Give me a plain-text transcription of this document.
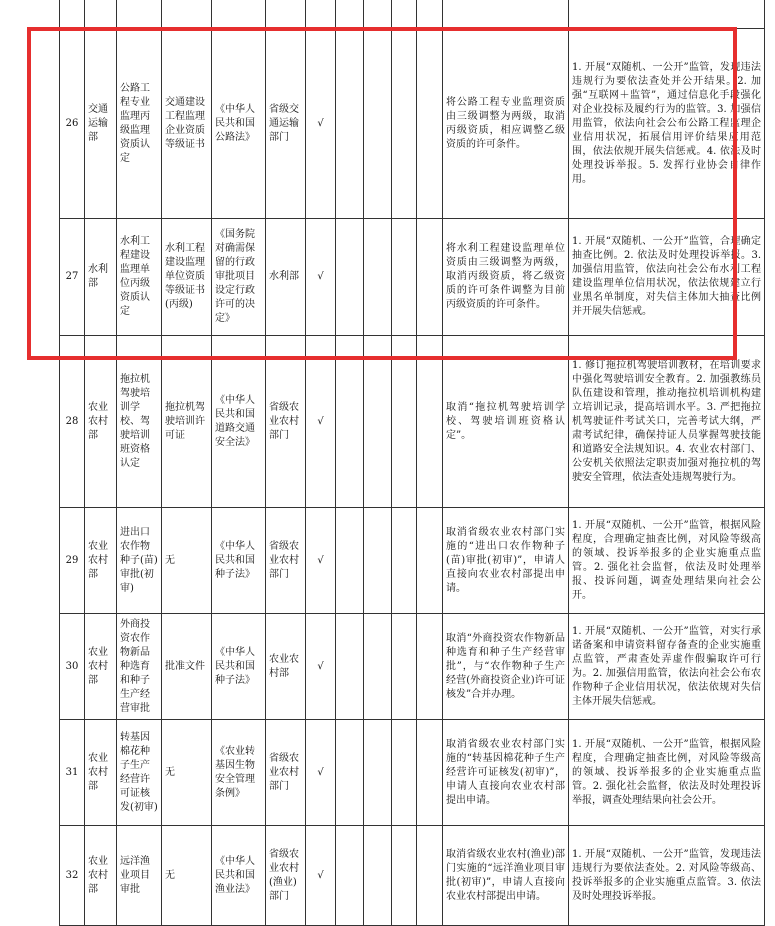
26	交通运输部	公路工程专业监理丙级监理资质认定	交通建设工程监理企业资质等级证书	《中华人民共和国公路法》	省级交通运输部门	√					将公路工程专业监理资质由三级调整为两级，取消丙级资质，相应调整乙级资质的许可条件。	1. 开展“双随机、一公开”监管，发现违法违规行为要依法查处并公开结果。2. 加强“互联网＋监管”，通过信息化手段强化对企业投标及履约行为的监管。3. 加强信用监管，依法向社会公布公路工程监理企业信用状况，拓展信用评价结果应用范围，依法依规开展失信惩戒。4. 依法及时处理投诉举报。5. 发挥行业协会自律作用。
27	水利部	水利工程建设监理单位丙级资质认定	水利工程建设监理单位资质等级证书(丙级)	《国务院对确需保留的行政审批项目设定行政许可的决定》	水利部	√					将水利工程建设监理单位资质由三级调整为两级，取消丙级资质，将乙级资质的许可条件调整为目前丙级资质的许可条件。	1. 开展“双随机、一公开”监管，合理确定抽查比例。2. 依法及时处理投诉举报。3. 加强信用监管，依法向社会公布水利工程建设监理单位信用状况，依法依规建立行业黑名单制度，对失信主体加大抽查比例并开展失信惩戒。
28	农业农村部	拖拉机驾驶培训学校、驾驶培训班资格认定	拖拉机驾驶培训许可证	《中华人民共和国道路交通安全法》	省级农业农村部门	√					取消“拖拉机驾驶培训学校、驾驶培训班资格认定”。	1. 修订拖拉机驾驶培训教材，在培训要求中强化驾驶培训安全教育。2. 加强教练员队伍建设和管理，推动拖拉机培训机构建立培训记录，提高培训水平。3. 严把拖拉机驾驶证件考试关口，完善考试大纲，严肃考试纪律，确保持证人员掌握驾驶技能和道路安全法规知识。4. 农业农村部门、公安机关依照法定职责加强对拖拉机的驾驶安全管理，依法查处违规驾驶行为。
29	农业农村部	进出口农作物种子(苗)审批(初审)	无	《中华人民共和国种子法》	省级农业农村部门	√					取消省级农业农村部门实施的“进出口农作物种子(苗)审批(初审)”，申请人直接向农业农村部提出申请。	1. 开展“双随机、一公开”监管，根据风险程度，合理确定抽查比例，对风险等级高的领域、投诉举报多的企业实施重点监管。2. 强化社会监督，依法及时处理举报、投诉问题，调查处理结果向社会公开。
30	农业农村部	外商投资农作物新品种选育和种子生产经营审批	批准文件	《中华人民共和国种子法》	农业农村部	√					取消“外商投资农作物新品种选育和种子生产经营审批”，与“农作物种子生产经营(外商投资企业)许可证核发”合并办理。	1. 开展“双随机、一公开”监管，对实行承诺备案和申请资料留存备查的企业实施重点监管，严肃查处弄虚作假骗取许可行为。2. 加强信用监管，依法向社会公布农作物种子企业信用状况，依法依规对失信主体开展失信惩戒。
31	农业农村部	转基因棉花种子生产经营许可证核发(初审)	无	《农业转基因生物安全管理条例》	省级农业农村部门	√					取消省级农业农村部门实施的“转基因棉花种子生产经营许可证核发(初审)”，申请人直接向农业农村部提出申请。	1. 开展“双随机、一公开”监管，根据风险程度，合理确定抽查比例，对风险等级高的领域、投诉举报多的企业实施重点监管。2. 强化社会监督，依法及时处理投诉举报，调查处理结果向社会公开。
32	农业农村部	远洋渔业项目审批	无	《中华人民共和国渔业法》	省级农业农村(渔业)部门	√					取消省级农业农村(渔业)部门实施的“远洋渔业项目审批(初审)”，申请人直接向农业农村部提出申请。	1. 开展“双随机、一公开”监管，发现违法违规行为要依法查处。2. 对风险等级高、投诉举报多的企业实施重点监管。3. 依法及时处理投诉举报。
